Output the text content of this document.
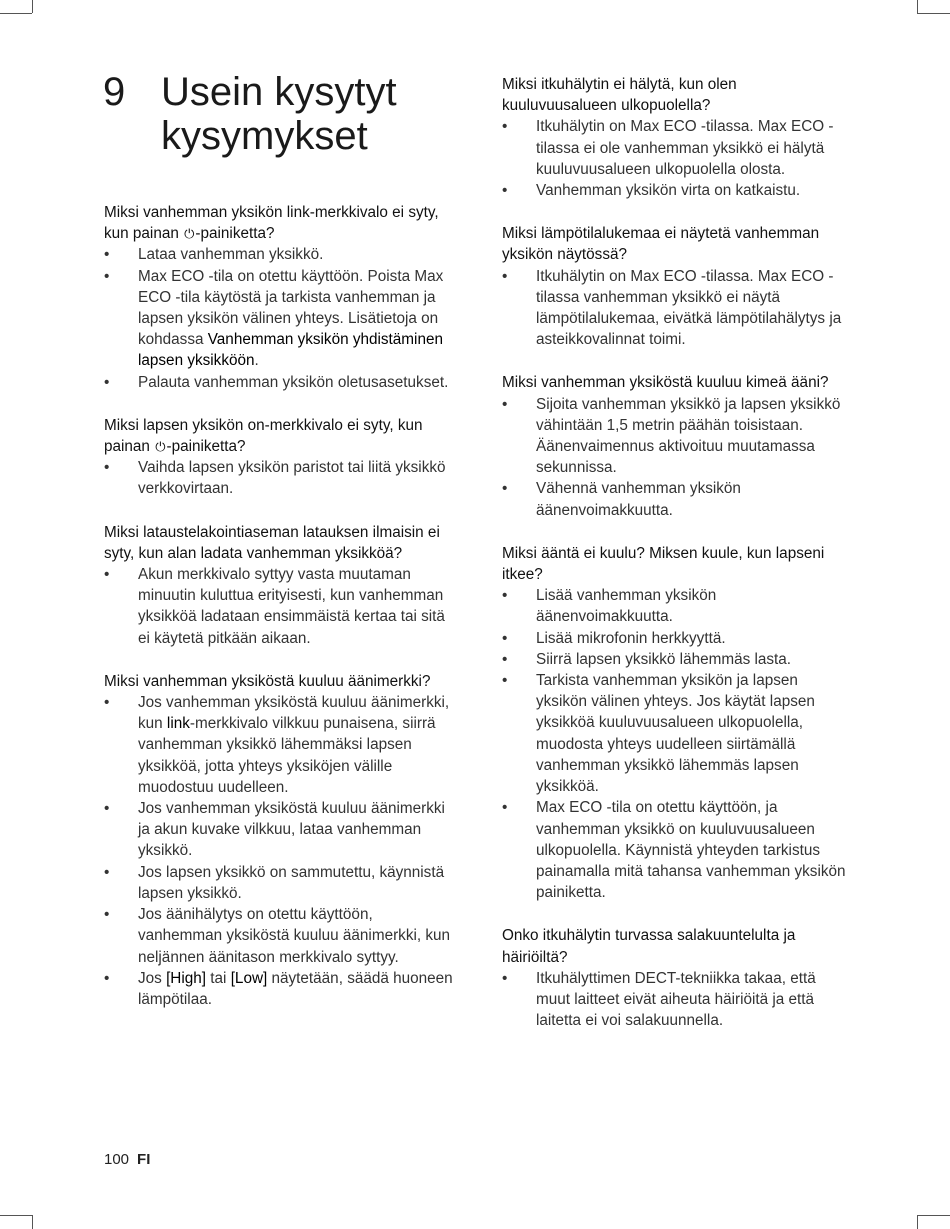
9 Usein kysytyt kysymykset

Miksi vanhemman yksikön link-merkkivalo ei syty, kun painan ⏻-painiketta?

• Lataa vanhemman yksikkö.
• Max ECO -tila on otettu käyttöön. Poista Max ECO -tila käytöstä ja tarkista vanhemman ja lapsen yksikön välinen yhteys. Lisätietoja on kohdassa Vanhemman yksikön yhdistäminen lapsen yksikköön.
• Palauta vanhemman yksikön oletusasetukset.

Miksi lapsen yksikön on-merkkivalo ei syty, kun painan ⏻-painiketta?

• Vaihda lapsen yksikön paristot tai liitä yksikkö verkkovirtaan.

Miksi lataustelakointiaseman latauksen ilmaisin ei syty, kun alan ladata vanhemman yksikköä?

• Akun merkkivalo syttyy vasta muutaman minuutin kuluttua erityisesti, kun vanhemman yksikköä ladataan ensimmäistä kertaa tai sitä ei käytetä pitkään aikaan.

Miksi vanhemman yksiköstä kuuluu äänimerkki?

• Jos vanhemman yksiköstä kuuluu äänimerkki, kun link-merkkivalo vilkkuu punaisena, siirrä vanhemman yksikkö lähemmäksi lapsen yksikköä, jotta yhteys yksiköjen välille muodostuu uudelleen.
• Jos vanhemman yksiköstä kuuluu äänimerkki ja akun kuvake vilkkuu, lataa vanhemman yksikkö.
• Jos lapsen yksikkö on sammutettu, käynnistä lapsen yksikkö.
• Jos äänihälytys on otettu käyttöön, vanhemman yksiköstä kuuluu äänimerkki, kun neljännen äänitason merkkivalo syttyy.
• Jos [High] tai [Low] näytetään, säädä huoneen lämpötilaa.

Miksi itkuhälytin ei hälytä, kun olen kuuluvuusalueen ulkopuolella?

• Itkuhälytin on Max ECO -tilassa. Max ECO -tilassa ei ole vanhemman yksikkö ei hälytä kuuluvuusalueen ulkopuolella olosta.
• Vanhemman yksikön virta on katkaistu.

Miksi lämpötilalukemaa ei näytetä vanhemman yksikön näytössä?

• Itkuhälytin on Max ECO -tilassa. Max ECO -tilassa vanhemman yksikkö ei näytä lämpötilalukemaa, eivätkä lämpötilahälytys ja asteikkovalinnat toimi.

Miksi vanhemman yksiköstä kuuluu kimeä ääni?

• Sijoita vanhemman yksikkö ja lapsen yksikkö vähintään 1,5 metrin päähän toisistaan. Äänenvaimennus aktivoituu muutamassa sekunnissa.
• Vähennä vanhemman yksikön äänenvoimakkuutta.

Miksi ääntä ei kuulu? Miksen kuule, kun lapseni itkee?

• Lisää vanhemman yksikön äänenvoimakkuutta.
• Lisää mikrofonin herkkyyttä.
• Siirrä lapsen yksikkö lähemmäs lasta.
• Tarkista vanhemman yksikön ja lapsen yksikön välinen yhteys. Jos käytät lapsen yksikköä kuuluvuusalueen ulkopuolella, muodosta yhteys uudelleen siirtämällä vanhemman yksikkö lähemmäs lapsen yksikköä.
• Max ECO -tila on otettu käyttöön, ja vanhemman yksikkö on kuuluvuusalueen ulkopuolella. Käynnistä yhteyden tarkistus painamalla mitä tahansa vanhemman yksikön painiketta.

Onko itkuhälytin turvassa salakuuntelulta ja häiriöiltä?

• Itkuhälyttimen DECT-tekniikka takaa, että muut laitteet eivät aiheuta häiriöitä ja että laitetta ei voi salakuunnella.
100 FI
